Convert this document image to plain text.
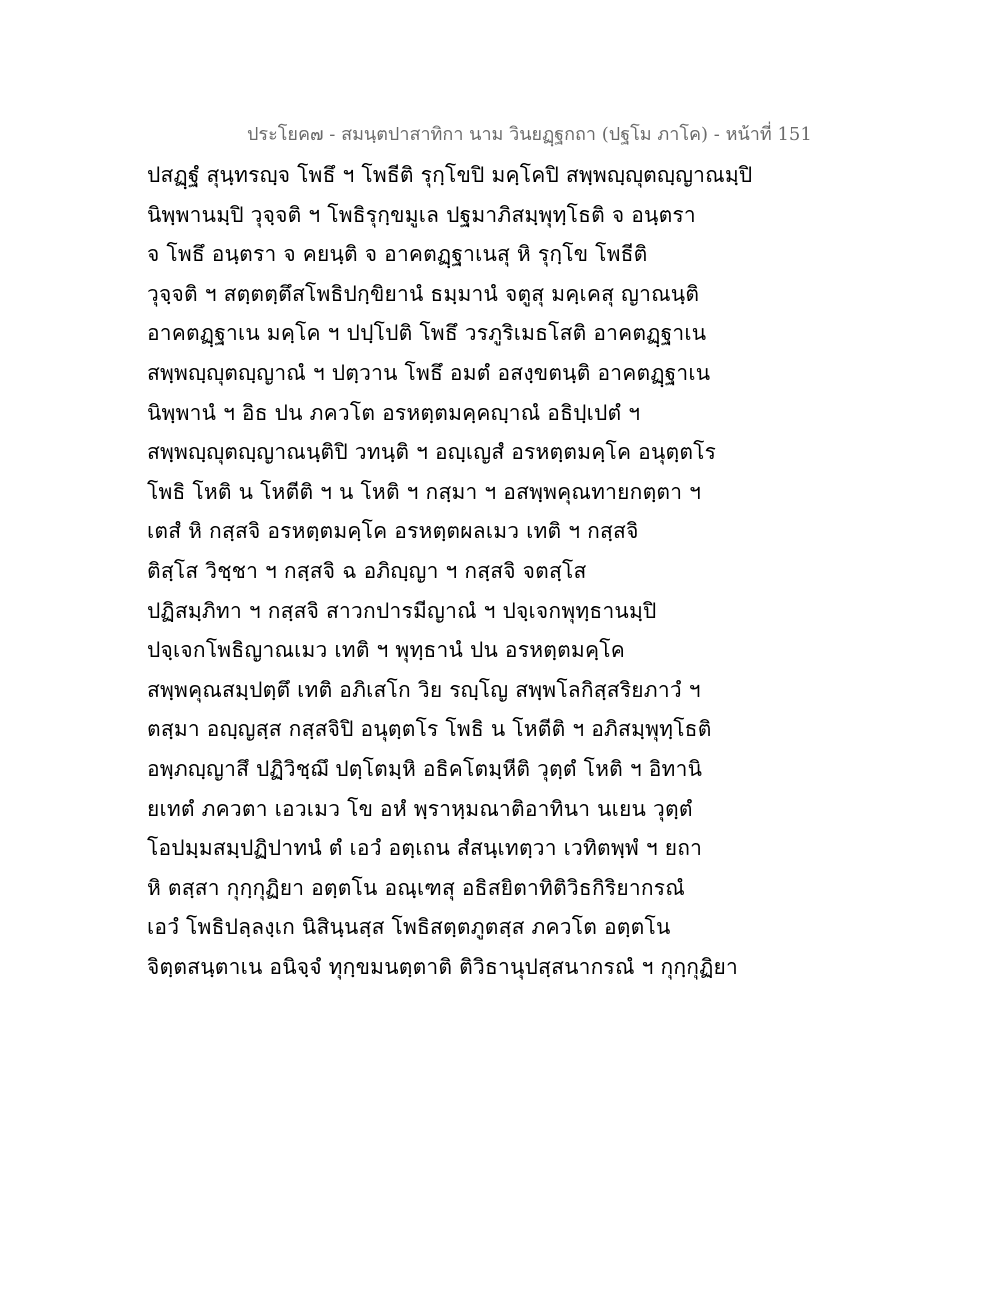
ประโยค๗ - สมนฺตปาสาทิกา นาม วินยฏฺฐกถา (ปฐโม ภาโค) - หน้าที่ 151
ปสฏฺฐํ สุนฺทรญฺจ โพธึ ฯ โพธีติ รุกฺโขปิ มคฺโคปิ สพฺพญฺญุตญฺญาณมฺปิ
นิพฺพานมฺปิ วุจฺจติ ฯ โพธิรุกฺขมูเล ปฐมาภิสมฺพุทฺโธติ จ อนฺตรา
จ โพธึ อนฺตรา จ คยนฺติ จ อาคตฏฺฐาเนสุ หิ รุกฺโข โพธีติ
วุจฺจติ ฯ สตฺตตฺตึสโพธิปกฺขิยานํ ธมฺมานํ จตูสุ มคฺเคสุ ญาณนฺติ
อาคตฏฺฐาเน มคฺโค ฯ ปปฺโปติ โพธึ วรภูริเมธโสติ อาคตฏฺฐาเน
สพฺพญฺญุตญฺญาณํ ฯ ปตฺวาน โพธึ อมตํ อสงฺขตนฺติ อาคตฏฺฐาเน
นิพฺพานํ ฯ อิธ ปน ภควโต อรหตฺตมคฺคญฺาณํ อธิปฺเปตํ ฯ
สพฺพญฺญุตญฺญาณนฺติปิ วทนฺติ ฯ อญฺเญสํ อรหตฺตมคฺโค อนุตฺตโร
โพธิ โหติ น โหตีติ ฯ น โหติ ฯ กสฺมา ฯ อสพฺพคุณทายกตฺตา ฯ
เตสํ หิ กสฺสจิ อรหตฺตมคฺโค อรหตฺตผลเมว เทติ ฯ กสฺสจิ
ติสฺโส วิชฺชา ฯ กสฺสจิ ฉ อภิญฺญา ฯ กสฺสจิ จตสฺโส
ปฏิสมฺภิทา ฯ กสฺสจิ สาวกปารมีญาณํ ฯ ปจฺเจกพุทฺธานมฺปิ
ปจฺเจกโพธิญาณเมว เทติ ฯ พุทฺธานํ ปน อรหตฺตมคฺโค
สพฺพคุณสมฺปตฺตึ เทติ อภิเสโก วิย รญฺโญ สพฺพโลกิสฺสริยภาวํ ฯ
ตสฺมา อญฺญสฺส กสฺสจิปิ อนุตฺตโร โพธิ น โหตีติ ฯ อภิสมฺพุทฺโธติ
อพฺภญฺญาสึ ปฏิวิชฺฌึ ปตฺโตมฺหิ อธิคโตมฺหีติ วุตฺตํ โหติ ฯ อิทานิ
ยเทตํ ภควตา เอวเมว โข อหํ พฺราหฺมณาติอาทินา นเยน วุตฺตํ
โอปมฺมสมฺปฏิปาทนํ ตํ เอวํ อตฺเถน สํสนฺเทตฺวา เวทิตพฺพํ ฯ ยถา
หิ ตสฺสา กุกฺกุฏิยา อตฺตโน อณฺเฑสุ อธิสยิตาทิติวิธกิริยากรณํ
เอวํ โพธิปลฺลงฺเก นิสินฺนสฺส โพธิสตฺตภูตสฺส ภควโต อตฺตโน
จิตฺตสนฺตาเน อนิจฺจํ ทุกฺขมนตฺตาติ ติวิธานุปสฺสนากรณํ ฯ กุกฺกุฏิยา
